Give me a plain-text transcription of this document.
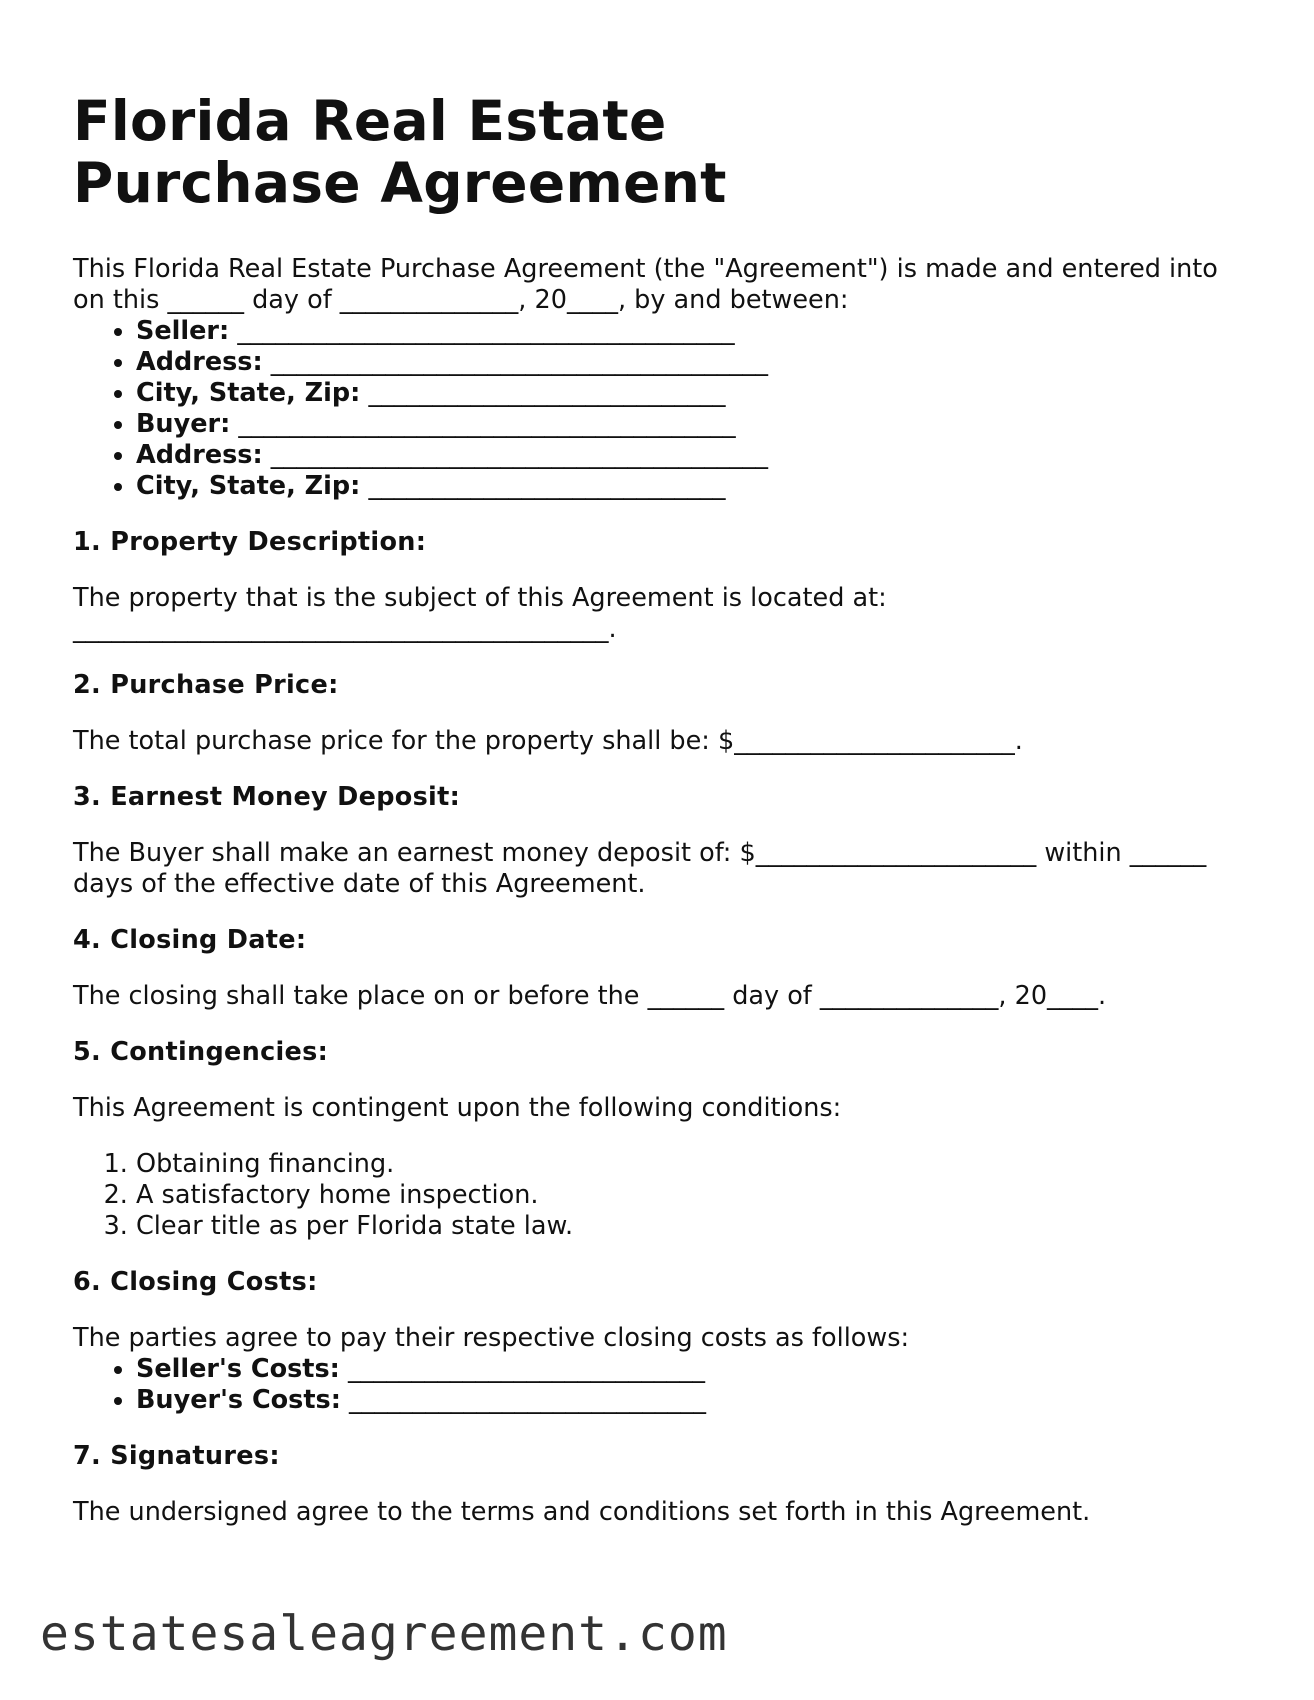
Florida Real Estate Purchase Agreement

This Florida Real Estate Purchase Agreement (the "Agreement") is made and entered into on this ______ day of ______________, 20____, by and between:

• Seller: _______________________________________
• Address: _______________________________________
• City, State, Zip: ____________________________
• Buyer: _______________________________________
• Address: _______________________________________
• City, State, Zip: ____________________________
1. Property Description:

The property that is the subject of this Agreement is located at: __________________________________________.

2. Purchase Price:

The total purchase price for the property shall be: $______________________.

3. Earnest Money Deposit:

The Buyer shall make an earnest money deposit of: $______________________ within ______ days of the effective date of this Agreement.

4. Closing Date:

The closing shall take place on or before the ______ day of ______________, 20____.

5. Contingencies:

This Agreement is contingent upon the following conditions:

1. Obtaining financing.
2. A satisfactory home inspection.
3. Clear title as per Florida state law.
6. Closing Costs:

The parties agree to pay their respective closing costs as follows:

• Seller's Costs: ____________________________
• Buyer's Costs: ____________________________
7. Signatures:

The undersigned agree to the terms and conditions set forth in this Agreement.

estatesaleagreement.com
